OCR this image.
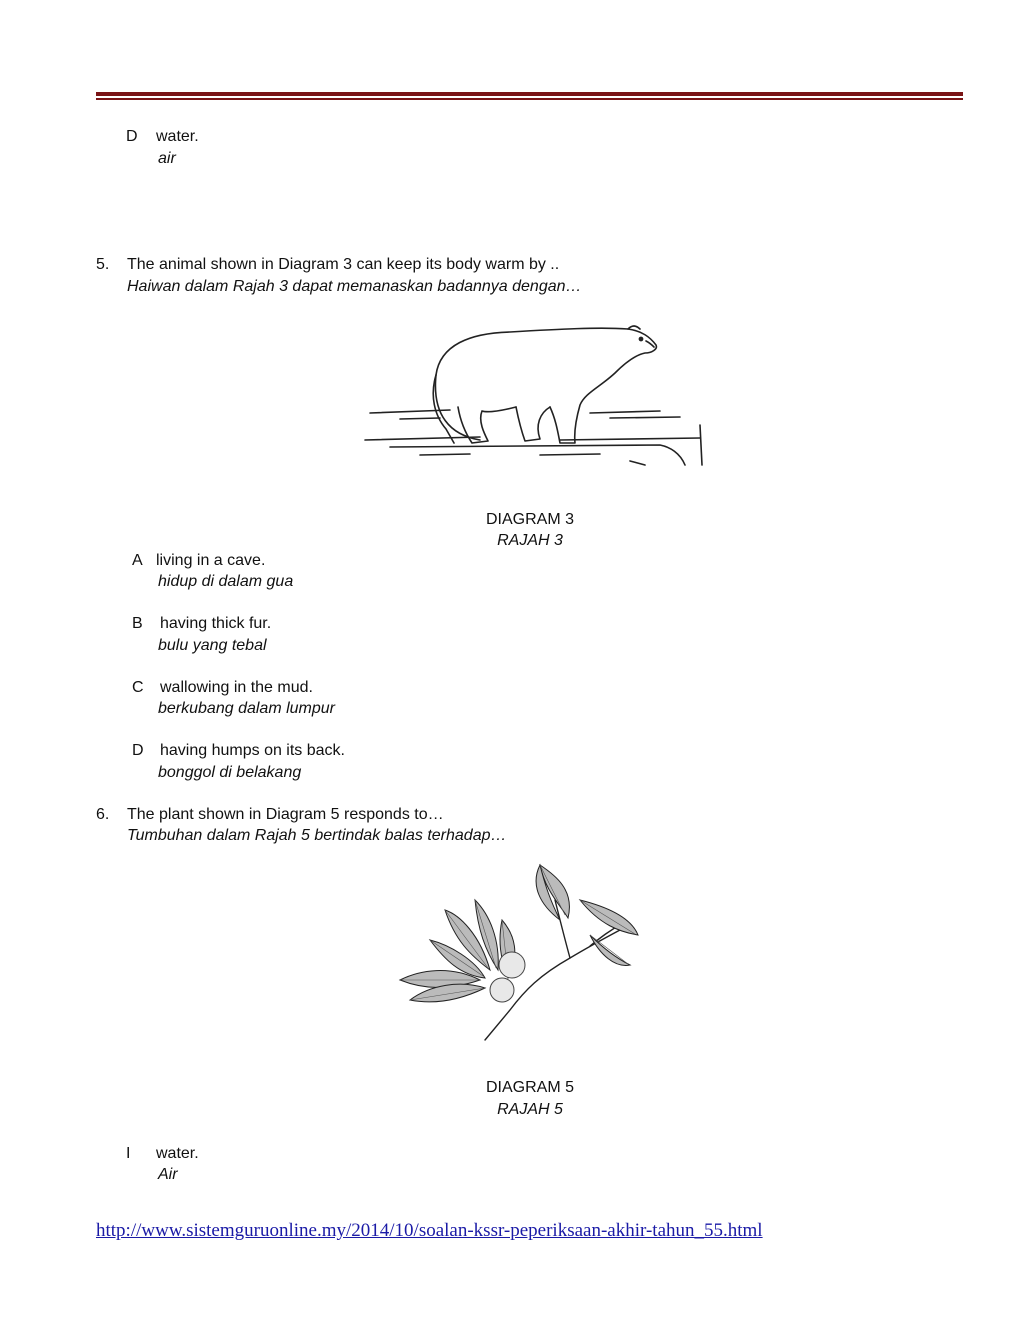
D water.
air
5. The animal shown in Diagram 3 can keep its body warm by ..
Haiwan dalam Rajah 3 dapat memanaskan badannya dengan…
DIAGRAM 3
RAJAH 3
A living in a cave.
hidup di dalam gua
B having thick fur.
bulu yang tebal
C wallowing in the mud.
berkubang dalam lumpur
D having humps on its back.
bonggol di belakang
6. The plant shown in Diagram 5 responds to…
Tumbuhan dalam Rajah 5 bertindak balas terhadap…
DIAGRAM 5
RAJAH 5
I water.
Air
http://www.sistemguruonline.my/2014/10/soalan-kssr-peperiksaan-akhir-tahun_55.html
